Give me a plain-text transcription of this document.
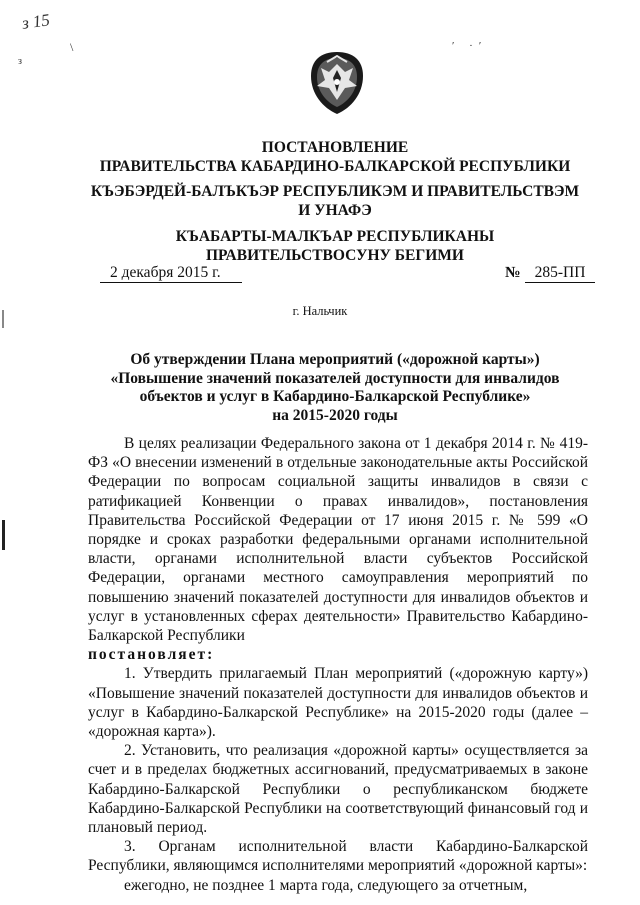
з 15
з
\	′ ·′
ПОСТАНОВЛЕНИЕ
ПРАВИТЕЛЬСТВА КАБАРДИНО-БАЛКАРСКОЙ РЕСПУБЛИКИ
КЪЭБЭРДЕЙ-БАЛЪКЪЭР РЕСПУБЛИКЭМ И ПРАВИТЕЛЬСТВЭМ И УНАФЭ
КЪАБАРТЫ-МАЛКЪАР РЕСПУБЛИКАНЫ ПРАВИТЕЛЬСТВОСУНУ БЕГИМИ
2 декабря 2015 г.	№ 285-ПП
г. Нальчик
Об утверждении Плана мероприятий («дорожной карты»)
«Повышение значений показателей доступности для инвалидов
объектов и услуг в Кабардино-Балкарской Республике»
на 2015-2020 годы

В целях реализации Федерального закона от 1 декабря 2014 г. № 419-ФЗ «О внесении изменений в отдельные законодательные акты Российской Федерации по вопросам социальной защиты инвалидов в связи с ратификацией Конвенции о правах инвалидов», постановления Правительства Российской Федерации от 17 июня 2015 г. № 599 «О порядке и сроках разработки федеральными органами исполнительной власти, органами исполнительной власти субъектов Российской Федерации, органами местного самоуправления мероприятий по повышению значений показателей доступности для инвалидов объектов и услуг в установленных сферах деятельности» Правительство Кабардино-Балкарской Республики

постановляет:

1. Утвердить прилагаемый План мероприятий («дорожную карту») «Повышение значений показателей доступности для инвалидов объектов и услуг в Кабардино-Балкарской Республике» на 2015-2020 годы (далее – «дорожная карта»).

2. Установить, что реализация «дорожной карты» осуществляется за счет и в пределах бюджетных ассигнований, предусматриваемых в законе Кабардино-Балкарской Республики о республиканском бюджете Кабардино-Балкарской Республики на соответствующий финансовый год и плановый период.

3. Органам исполнительной власти Кабардино-Балкарской Республики, являющимся исполнителями мероприятий «дорожной карты»:

ежегодно, не позднее 1 марта года, следующего за отчетным,
